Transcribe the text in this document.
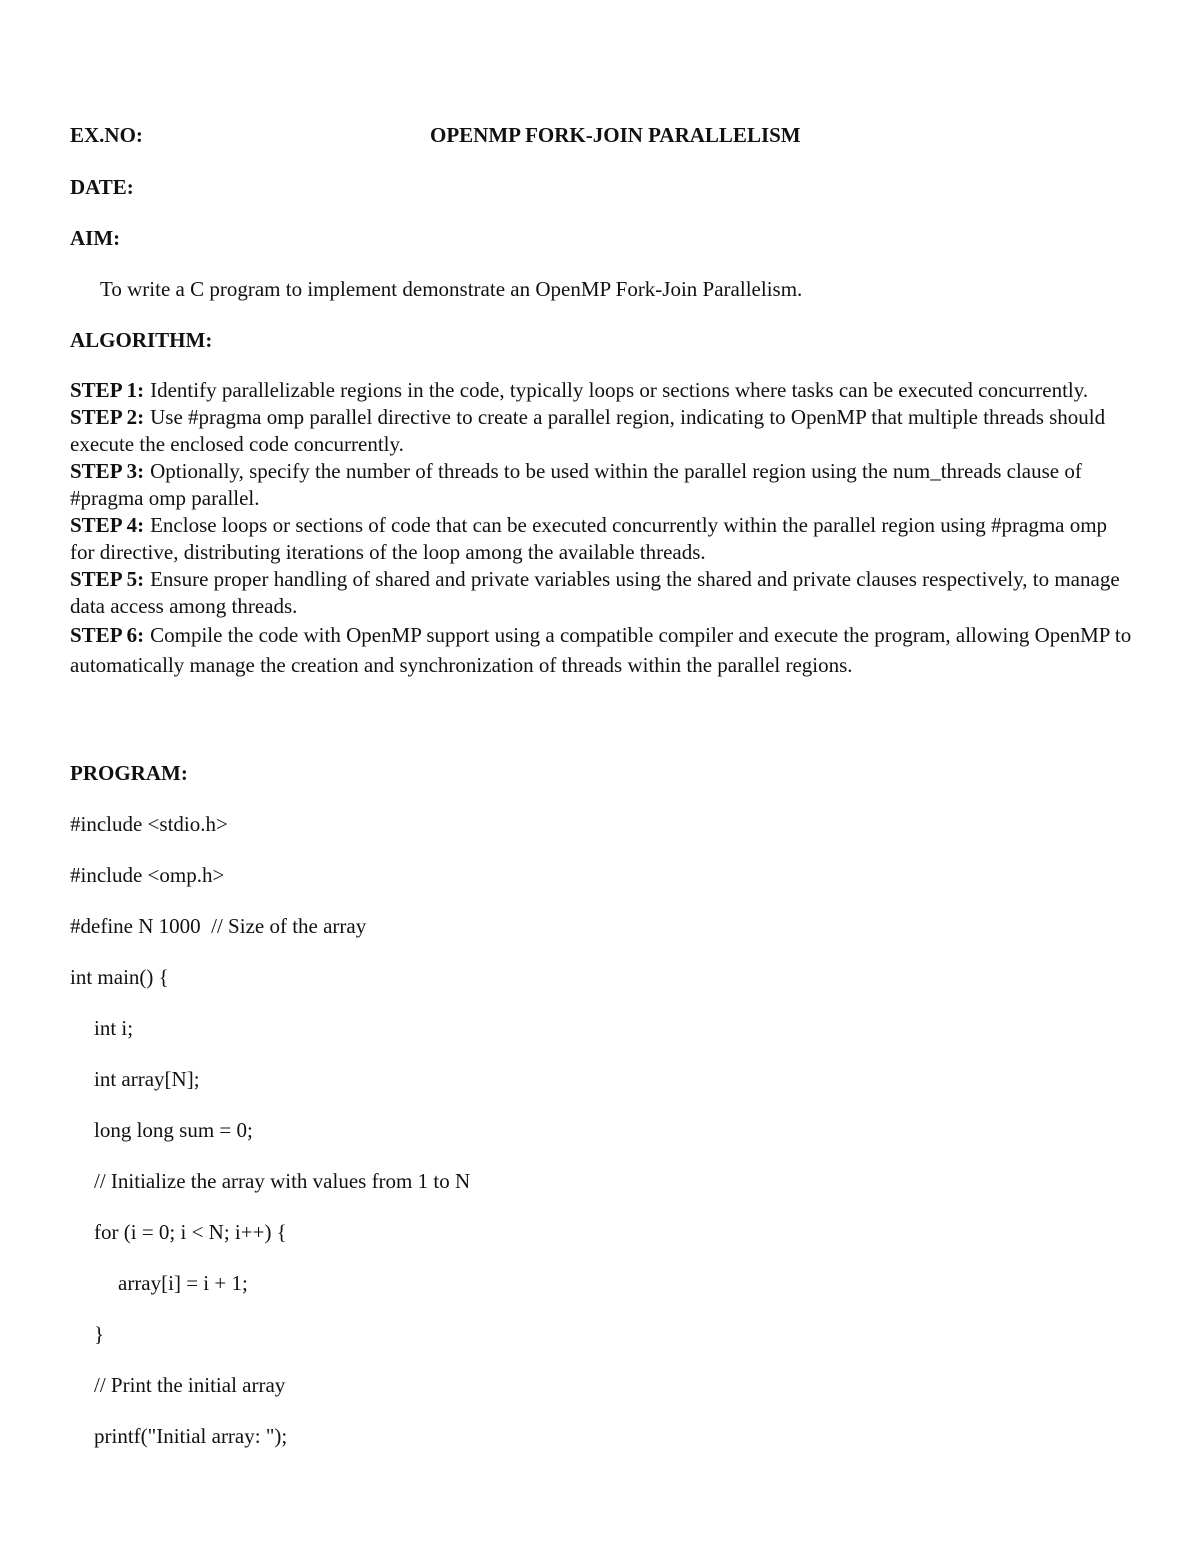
EX.NO:	OPENMP FORK-JOIN PARALLELISM
DATE:
AIM:
To write a C program to implement demonstrate an OpenMP Fork-Join Parallelism.
ALGORITHM:

STEP 1: Identify parallelizable regions in the code, typically loops or sections where tasks can be executed concurrently.

STEP 2: Use #pragma omp parallel directive to create a parallel region, indicating to OpenMP that multiple threads should execute the enclosed code concurrently.

STEP 3: Optionally, specify the number of threads to be used within the parallel region using the num_threads clause of #pragma omp parallel.

STEP 4: Enclose loops or sections of code that can be executed concurrently within the parallel region using #pragma omp for directive, distributing iterations of the loop among the available threads.

STEP 5: Ensure proper handling of shared and private variables using the shared and private clauses respectively, to manage data access among threads.

STEP 6: Compile the code with OpenMP support using a compatible compiler and execute the program, allowing OpenMP to automatically manage the creation and synchronization of threads within the parallel regions.

PROGRAM:
#include <stdio.h>
#include <omp.h>
#define N 1000  // Size of the array
int main() {
int i;
int array[N];
long long sum = 0;
// Initialize the array with values from 1 to N
for (i = 0; i < N; i++) {
array[i] = i + 1;
}
// Print the initial array
printf("Initial array: ");
